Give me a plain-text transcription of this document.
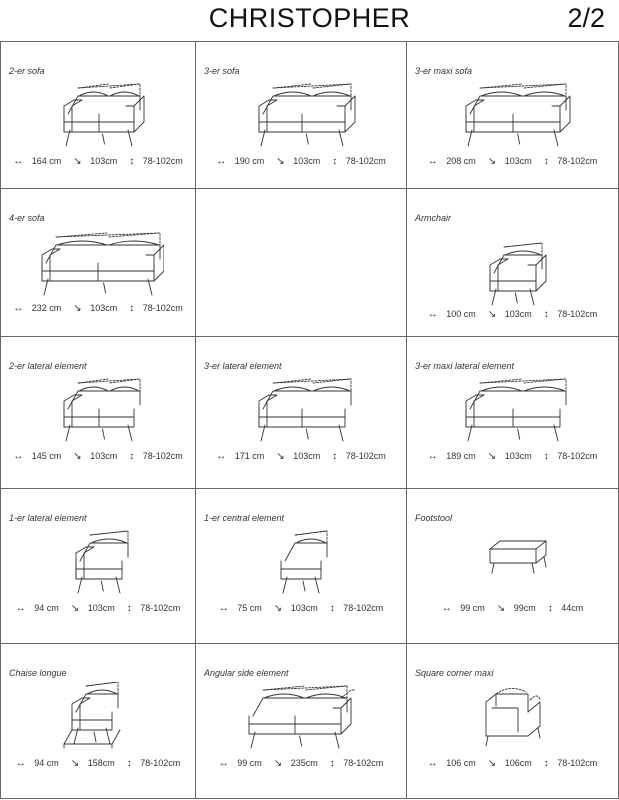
CHRISTOPHER	2/2
2-er sofa
↔ 164 cm ↘ 103cm ↕ 78-102cm
3-er sofa
↔ 190 cm ↘ 103cm ↕ 78-102cm
3-er maxi sofa
↔ 208 cm ↘ 103cm ↕ 78-102cm
4-er sofa
↔ 232 cm ↘ 103cm ↕ 78-102cm
Armchair
↔ 100 cm ↘ 103cm ↕ 78-102cm
2-er lateral element
↔ 145 cm ↘ 103cm ↕ 78-102cm
3-er lateral element
↔ 171 cm ↘ 103cm ↕ 78-102cm
3-er maxi lateral element
↔ 189 cm ↘ 103cm ↕ 78-102cm
1-er lateral element
↔ 94 cm ↘ 103cm ↕ 78-102cm
1-er central element
↔ 75 cm ↘ 103cm ↕ 78-102cm
Footstool
↔ 99 cm ↘ 99cm ↕ 44cm
Chaise longue
↔ 94 cm ↘ 158cm ↕ 78-102cm
Angular side element
↔ 99 cm ↘ 235cm ↕ 78-102cm
Square corner maxi
↔ 106 cm ↘ 106cm ↕ 78-102cm
